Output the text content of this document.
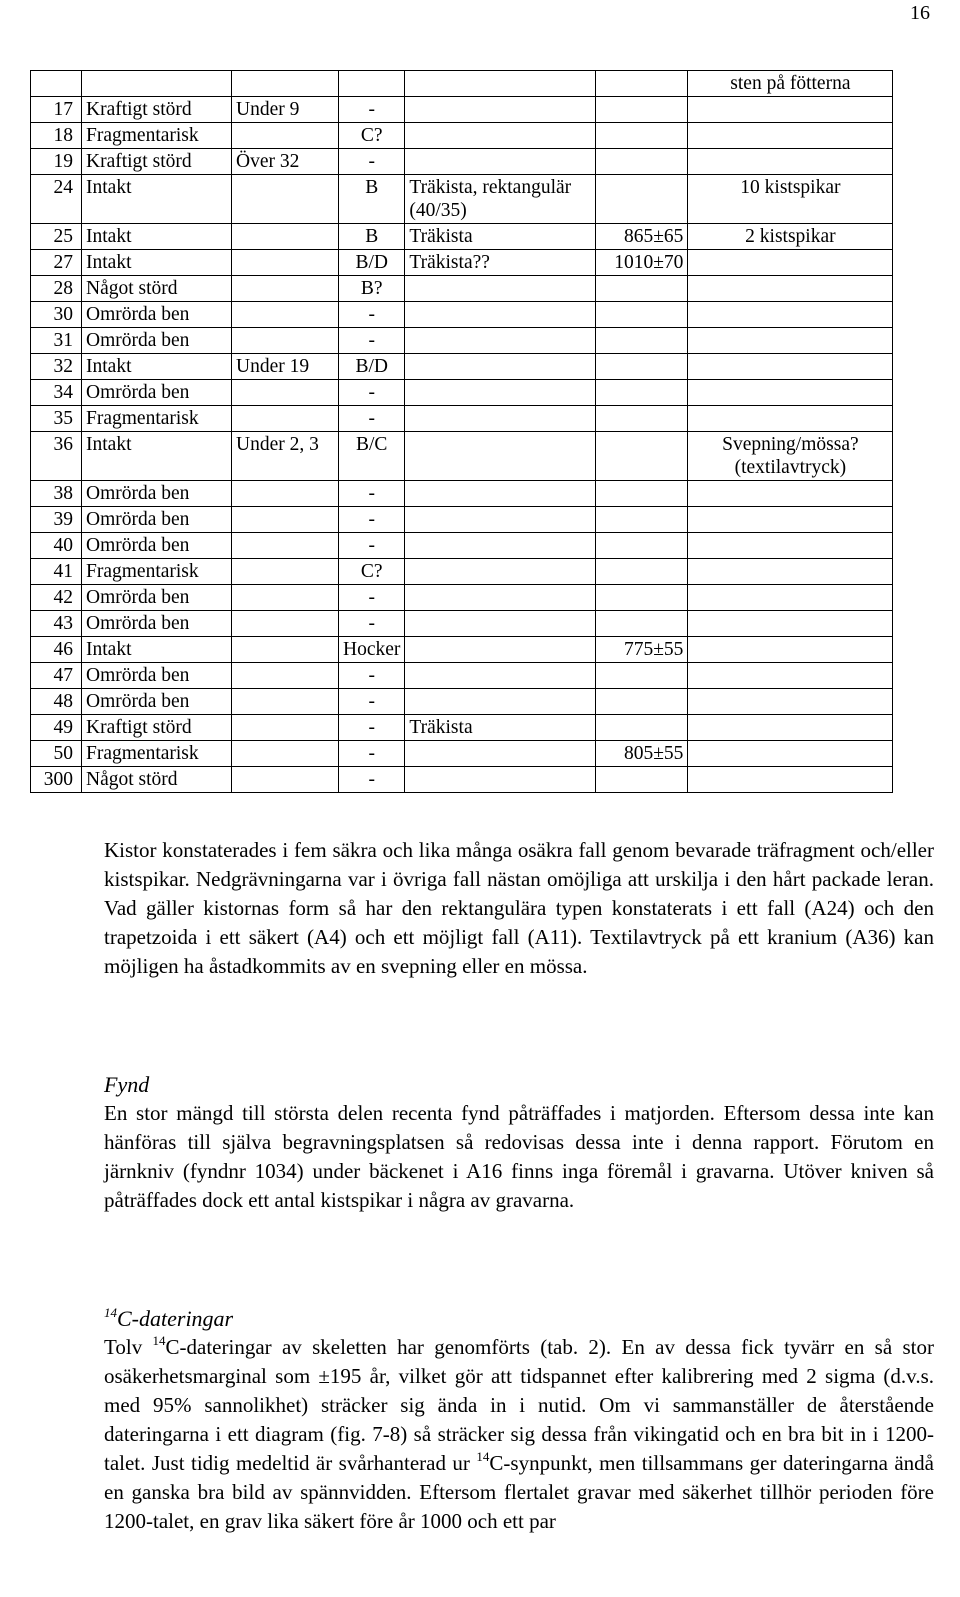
16
						sten på fötterna
17	Kraftigt störd	Under 9	-			
18	Fragmentarisk		C?			
19	Kraftigt störd	Över 32	-			
24	Intakt		B	Träkista, rektangulär (40/35)		10 kistspikar
25	Intakt		B	Träkista	865±65	2 kistspikar
27	Intakt		B/D	Träkista??	1010±70	
28	Något störd		B?			
30	Omrörda ben		-			
31	Omrörda ben		-			
32	Intakt	Under 19	B/D			
34	Omrörda ben		-			
35	Fragmentarisk		-			
36	Intakt	Under 2, 3	B/C			Svepning/mössa? (textilavtryck)
38	Omrörda ben		-			
39	Omrörda ben		-			
40	Omrörda ben		-			
41	Fragmentarisk		C?			
42	Omrörda ben		-			
43	Omrörda ben		-			
46	Intakt		Hocker		775±55	
47	Omrörda ben		-			
48	Omrörda ben		-			
49	Kraftigt störd		-	Träkista		
50	Fragmentarisk		-		805±55	
300	Något störd		-			

Kistor konstaterades i fem säkra och lika många osäkra fall genom bevarade träfragment och/eller kistspikar. Nedgrävningarna var i övriga fall nästan omöjliga att urskilja i den hårt packade leran. Vad gäller kistornas form så har den rektangulära typen konstaterats i ett fall (A24) och den trapetzoida i ett säkert (A4) och ett möjligt fall (A11). Textilavtryck på ett kranium (A36) kan möjligen ha åstadkommits av en svepning eller en mössa.

Fynd

En stor mängd till största delen recenta fynd påträffades i matjorden. Eftersom dessa inte kan hänföras till själva begravningsplatsen så redovisas dessa inte i denna rapport. Förutom en järnkniv (fyndnr 1034) under bäckenet i A16 finns inga föremål i gravarna. Utöver kniven så påträffades dock ett antal kistspikar i några av gravarna.

$^{14}$C-dateringar

Tolv $^{14}$C-dateringar av skeletten har genomförts (tab. 2). En av dessa fick tyvärr en så stor osäkerhetsmarginal som ±195 år, vilket gör att tidspannet efter kalibrering med 2 sigma (d.v.s. med 95% sannolikhet) sträcker sig ända in i nutid. Om vi sammanställer de återstående dateringarna i ett diagram (fig. 7-8) så sträcker sig dessa från vikingatid och en bra bit in i 1200-talet. Just tidig medeltid är svårhanterad ur $^{14}$C-synpunkt, men tillsammans ger dateringarna ändå en ganska bra bild av spännvidden. Eftersom flertalet gravar med säkerhet tillhör perioden före 1200-talet, en grav lika säkert före år 1000 och ett par
